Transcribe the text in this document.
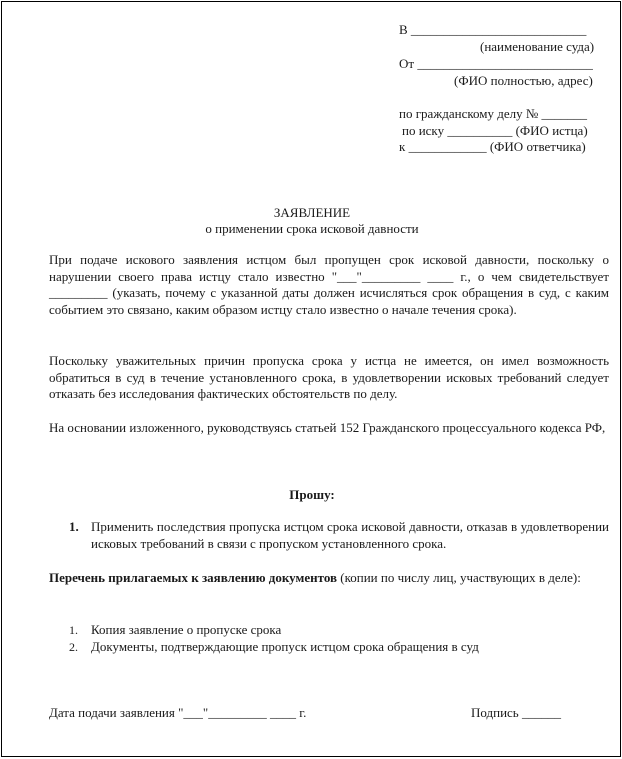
В ___________________________
(наименование суда)
От ___________________________
(ФИО полностью, адрес)
по гражданскому делу № _______
по иску __________ (ФИО истца)
к ____________ (ФИО ответчика)
ЗАЯВЛЕНИЕ
о применении срока исковой давности
При подаче искового заявления истцом был пропущен срок исковой давности, поскольку о нарушении своего права истцу стало известно "___"_________ ____ г., о чем свидетельствует _________ (указать, почему с указанной даты должен исчисляться срок обращения в суд, с каким событием это связано, каким образом истцу стало известно о начале течения срока).
Поскольку уважительных причин пропуска срока у истца не имеется, он имел возможность обратиться в суд в течение установленного срока, в удовлетворении исковых требований следует отказать без исследования фактических обстоятельств по делу.
На основании изложенного, руководствуясь статьей 152 Гражданского процессуального кодекса РФ,
Прошу:
1. Применить последствия пропуска истцом срока исковой давности, отказав в удовлетворении исковых требований в связи с пропуском установленного срока.
Перечень прилагаемых к заявлению документов (копии по числу лиц, участвующих в деле):
1. Копия заявление о пропуске срока
2. Документы, подтверждающие пропуск истцом срока обращения в суд
Дата подачи заявления "___"_________ ____ г.	Подпись ______
